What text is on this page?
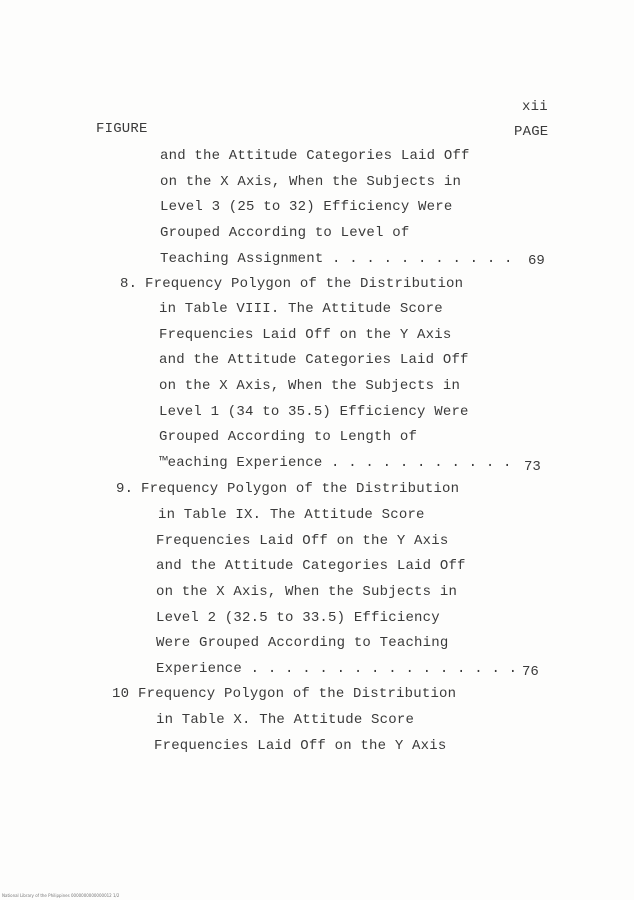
xii
FIGURE	PAGE
and the Attitude Categories Laid Off
on the X Axis, When the Subjects in
Level 3 (25 to 32) Efficiency Were
Grouped According to Level of
Teaching Assignment . . . . . . . . . . . 69
8. Frequency Polygon of the Distribution
in Table VIII. The Attitude Score
Frequencies Laid Off on the Y Axis
and the Attitude Categories Laid Off
on the X Axis, When the Subjects in
Level 1 (34 to 35.5) Efficiency Were
Grouped According to Length of
™eaching Experience . . . . . . . . . . . 73
9. Frequency Polygon of the Distribution
in Table IX. The Attitude Score
Frequencies Laid Off on the Y Axis
and the Attitude Categories Laid Off
on the X Axis, When the Subjects in
Level 2 (32.5 to 33.5) Efficiency
Were Grouped According to Teaching
Experience . . . . . . . . . . . . . . . . 76
10 Frequency Polygon of the Distribution
in Table X. The Attitude Score
Frequencies Laid Off on the Y Axis
National Library of the Philippines 0000000000000012 1/2
